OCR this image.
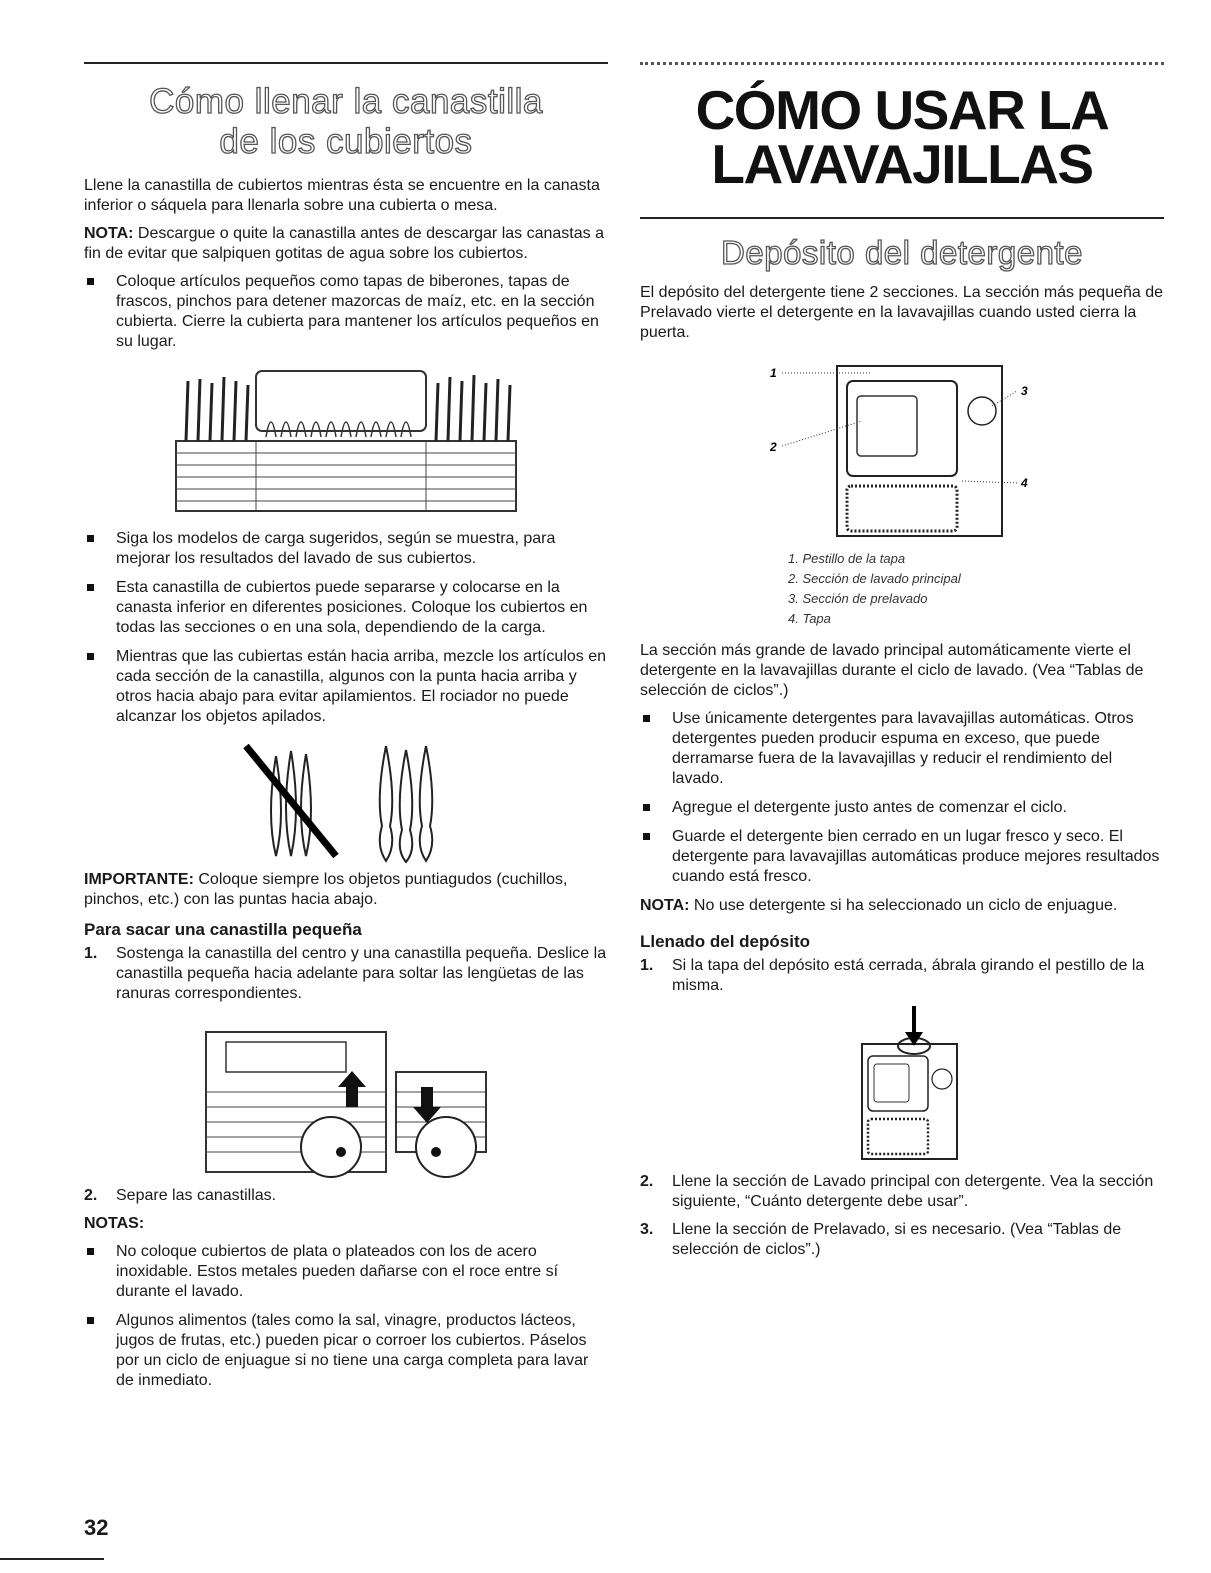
Cómo llenar la canastilla
de los cubiertos

Llene la canastilla de cubiertos mientras ésta se encuentre en la canasta inferior o sáquela para llenarla sobre una cubierta o mesa.

NOTA: Descargue o quite la canastilla antes de descargar las canastas a fin de evitar que salpiquen gotitas de agua sobre los cubiertos.

Coloque artículos pequeños como tapas de biberones, tapas de frascos, pinchos para detener mazorcas de maíz, etc. en la sección cubierta. Cierre la cubierta para mantener los artículos pequeños en su lugar.
Siga los modelos de carga sugeridos, según se muestra, para mejorar los resultados del lavado de sus cubiertos.
Esta canastilla de cubiertos puede separarse y colocarse en la canasta inferior en diferentes posiciones. Coloque los cubiertos en todas las secciones o en una sola, dependiendo de la carga.
Mientras que las cubiertas están hacia arriba, mezcle los artículos en cada sección de la canastilla, algunos con la punta hacia arriba y otros hacia abajo para evitar apilamientos. El rociador no puede alcanzar los objetos apilados.

IMPORTANTE: Coloque siempre los objetos puntiagudos (cuchillos, pinchos, etc.) con las puntas hacia abajo.

Para sacar una canastilla pequeña
1. Sostenga la canastilla del centro y una canastilla pequeña. Deslice la canastilla pequeña hacia adelante para soltar las lengüetas de las ranuras correspondientes.
2. Separe las canastillas.

NOTAS:

No coloque cubiertos de plata o plateados con los de acero inoxidable. Estos metales pueden dañarse con el roce entre sí durante el lavado.
Algunos alimentos (tales como la sal, vinagre, productos lácteos, jugos de frutas, etc.) pueden picar o corroer los cubiertos. Páselos por un ciclo de enjuague si no tiene una carga completa para lavar de inmediato.
CÓMO USAR LA
LAVAVAJILLAS
Depósito del detergente

El depósito del detergente tiene 2 secciones. La sección más pequeña de Prelavado vierte el detergente en la lavavajillas cuando usted cierra la puerta.

1
2
3
4
1. Pestillo de la tapa
2. Sección de lavado principal
3. Sección de prelavado
4. Tapa

La sección más grande de lavado principal automáticamente vierte el detergente en la lavavajillas durante el ciclo de lavado. (Vea “Tablas de selección de ciclos”.)

Use únicamente detergentes para lavavajillas automáticas. Otros detergentes pueden producir espuma en exceso, que puede derramarse fuera de la lavavajillas y reducir el rendimiento del lavado.
Agregue el detergente justo antes de comenzar el ciclo.
Guarde el detergente bien cerrado en un lugar fresco y seco. El detergente para lavavajillas automáticas produce mejores resultados cuando está fresco.

NOTA: No use detergente si ha seleccionado un ciclo de enjuague.

Llenado del depósito
1. Si la tapa del depósito está cerrada, ábrala girando el pestillo de la misma.
2. Llene la sección de Lavado principal con detergente. Vea la sección siguiente, “Cuánto detergente debe usar”.
3. Llene la sección de Prelavado, si es necesario. (Vea “Tablas de selección de ciclos”.)
32
